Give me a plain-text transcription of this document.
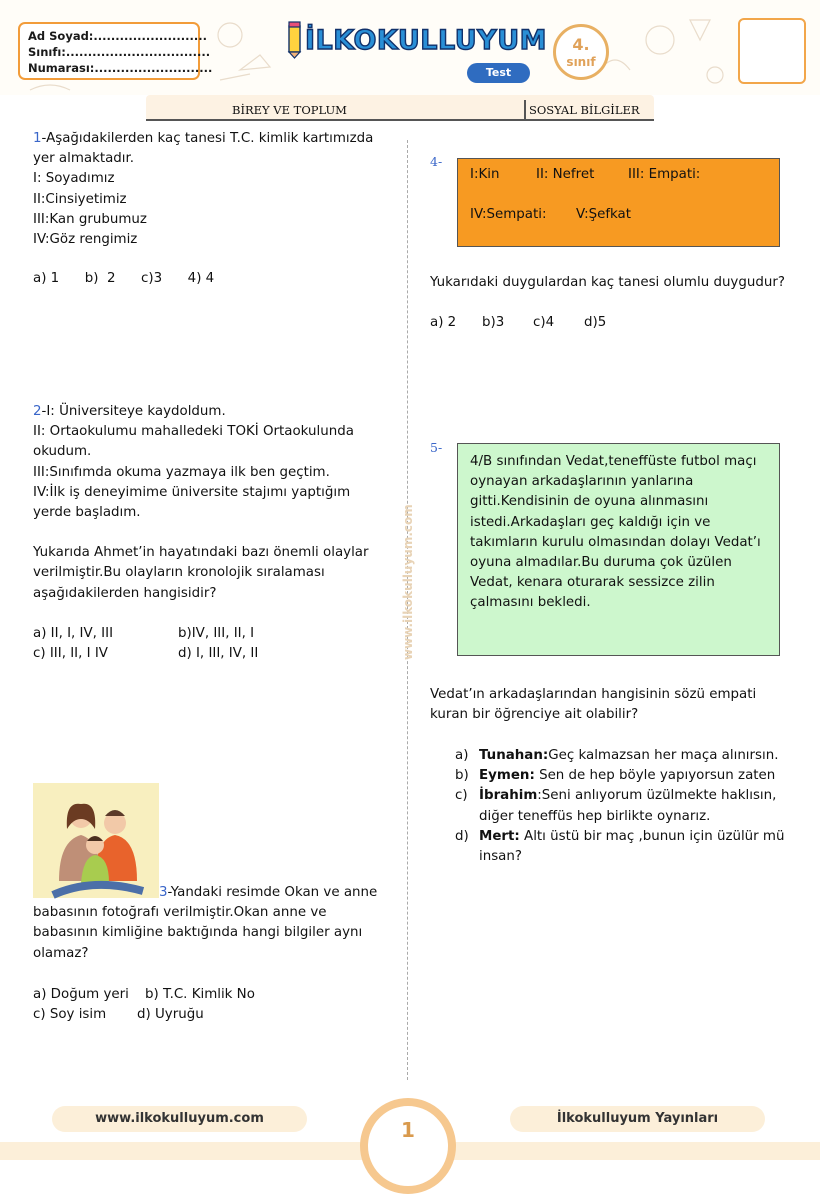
Ad Soyad:..........................
Sınıfı:.................................
Numarası:...........................
İLKOKULLUYUM
Test
4.
sınıf
BİREY VE TOPLUM	SOSYAL BİLGİLER
www.ilkokulluyum.com
1-Aşağıdakilerden kaç tanesi T.C. kimlik kartımızda
yer almaktadır.
I: Soyadımız
II:Cinsiyetimiz
III:Kan grubumuz
IV:Göz rengimiz
a) 1      b)  2      c)3      4) 4
2-I: Üniversiteye kaydoldum.
II: Ortaokulumu mahalledeki TOKİ Ortaokulunda
okudum.
III:Sınıfımda okuma yazmaya ilk ben geçtim.
IV:İlk iş deneyimime üniversite stajımı yaptığım
yerde başladım.
Yukarıda Ahmet’in hayatındaki bazı önemli olaylar
verilmiştir.Bu olayların kronolojik sıralaması
aşağıdakilerden hangisidir?
a) II, I, IV, III	b)IV, III, II, I
c) III, II, I IV	d) I, III, IV, II
3-Yandaki resimde Okan ve anne
babasının fotoğrafı verilmiştir.Okan anne ve
babasının kimliğine baktığında hangi bilgiler aynı
olamaz?
a) Doğum yeri b) T.C. Kimlik No
c) Soy isim d) Uyruğu
4-
I:Kin	II: Nefret	III: Empati:
IV:Sempati: V:Şefkat
Yukarıdaki duygulardan kaç tanesi olumlu duygudur?
a) 2 b)3 c)4 d)5
5-
4/B sınıfından Vedat,teneffüste futbol maçı
oynayan arkadaşlarının yanlarına
gitti.Kendisinin de oyuna alınmasını
istedi.Arkadaşları geç kaldığı için ve
takımların kurulu olmasından dolayı Vedat’ı
oyuna almadılar.Bu duruma çok üzülen
Vedat, kenara oturarak sessizce zilin
çalmasını bekledi.
Vedat’ın arkadaşlarından hangisinin sözü empati
kuran bir öğrenciye ait olabilir?
a) Tunahan:Geç kalmazsan her maça alınırsın.
b) Eymen: Sen de hep böyle yapıyorsun zaten
c) İbrahim:Seni anlıyorum üzülmekte haklısın,
diğer teneffüs hep birlikte oynarız.
d) Mert: Altı üstü bir maç ,bunun için üzülür mü
insan?
1
www.ilkokulluyum.com	İlkokulluyum Yayınları
